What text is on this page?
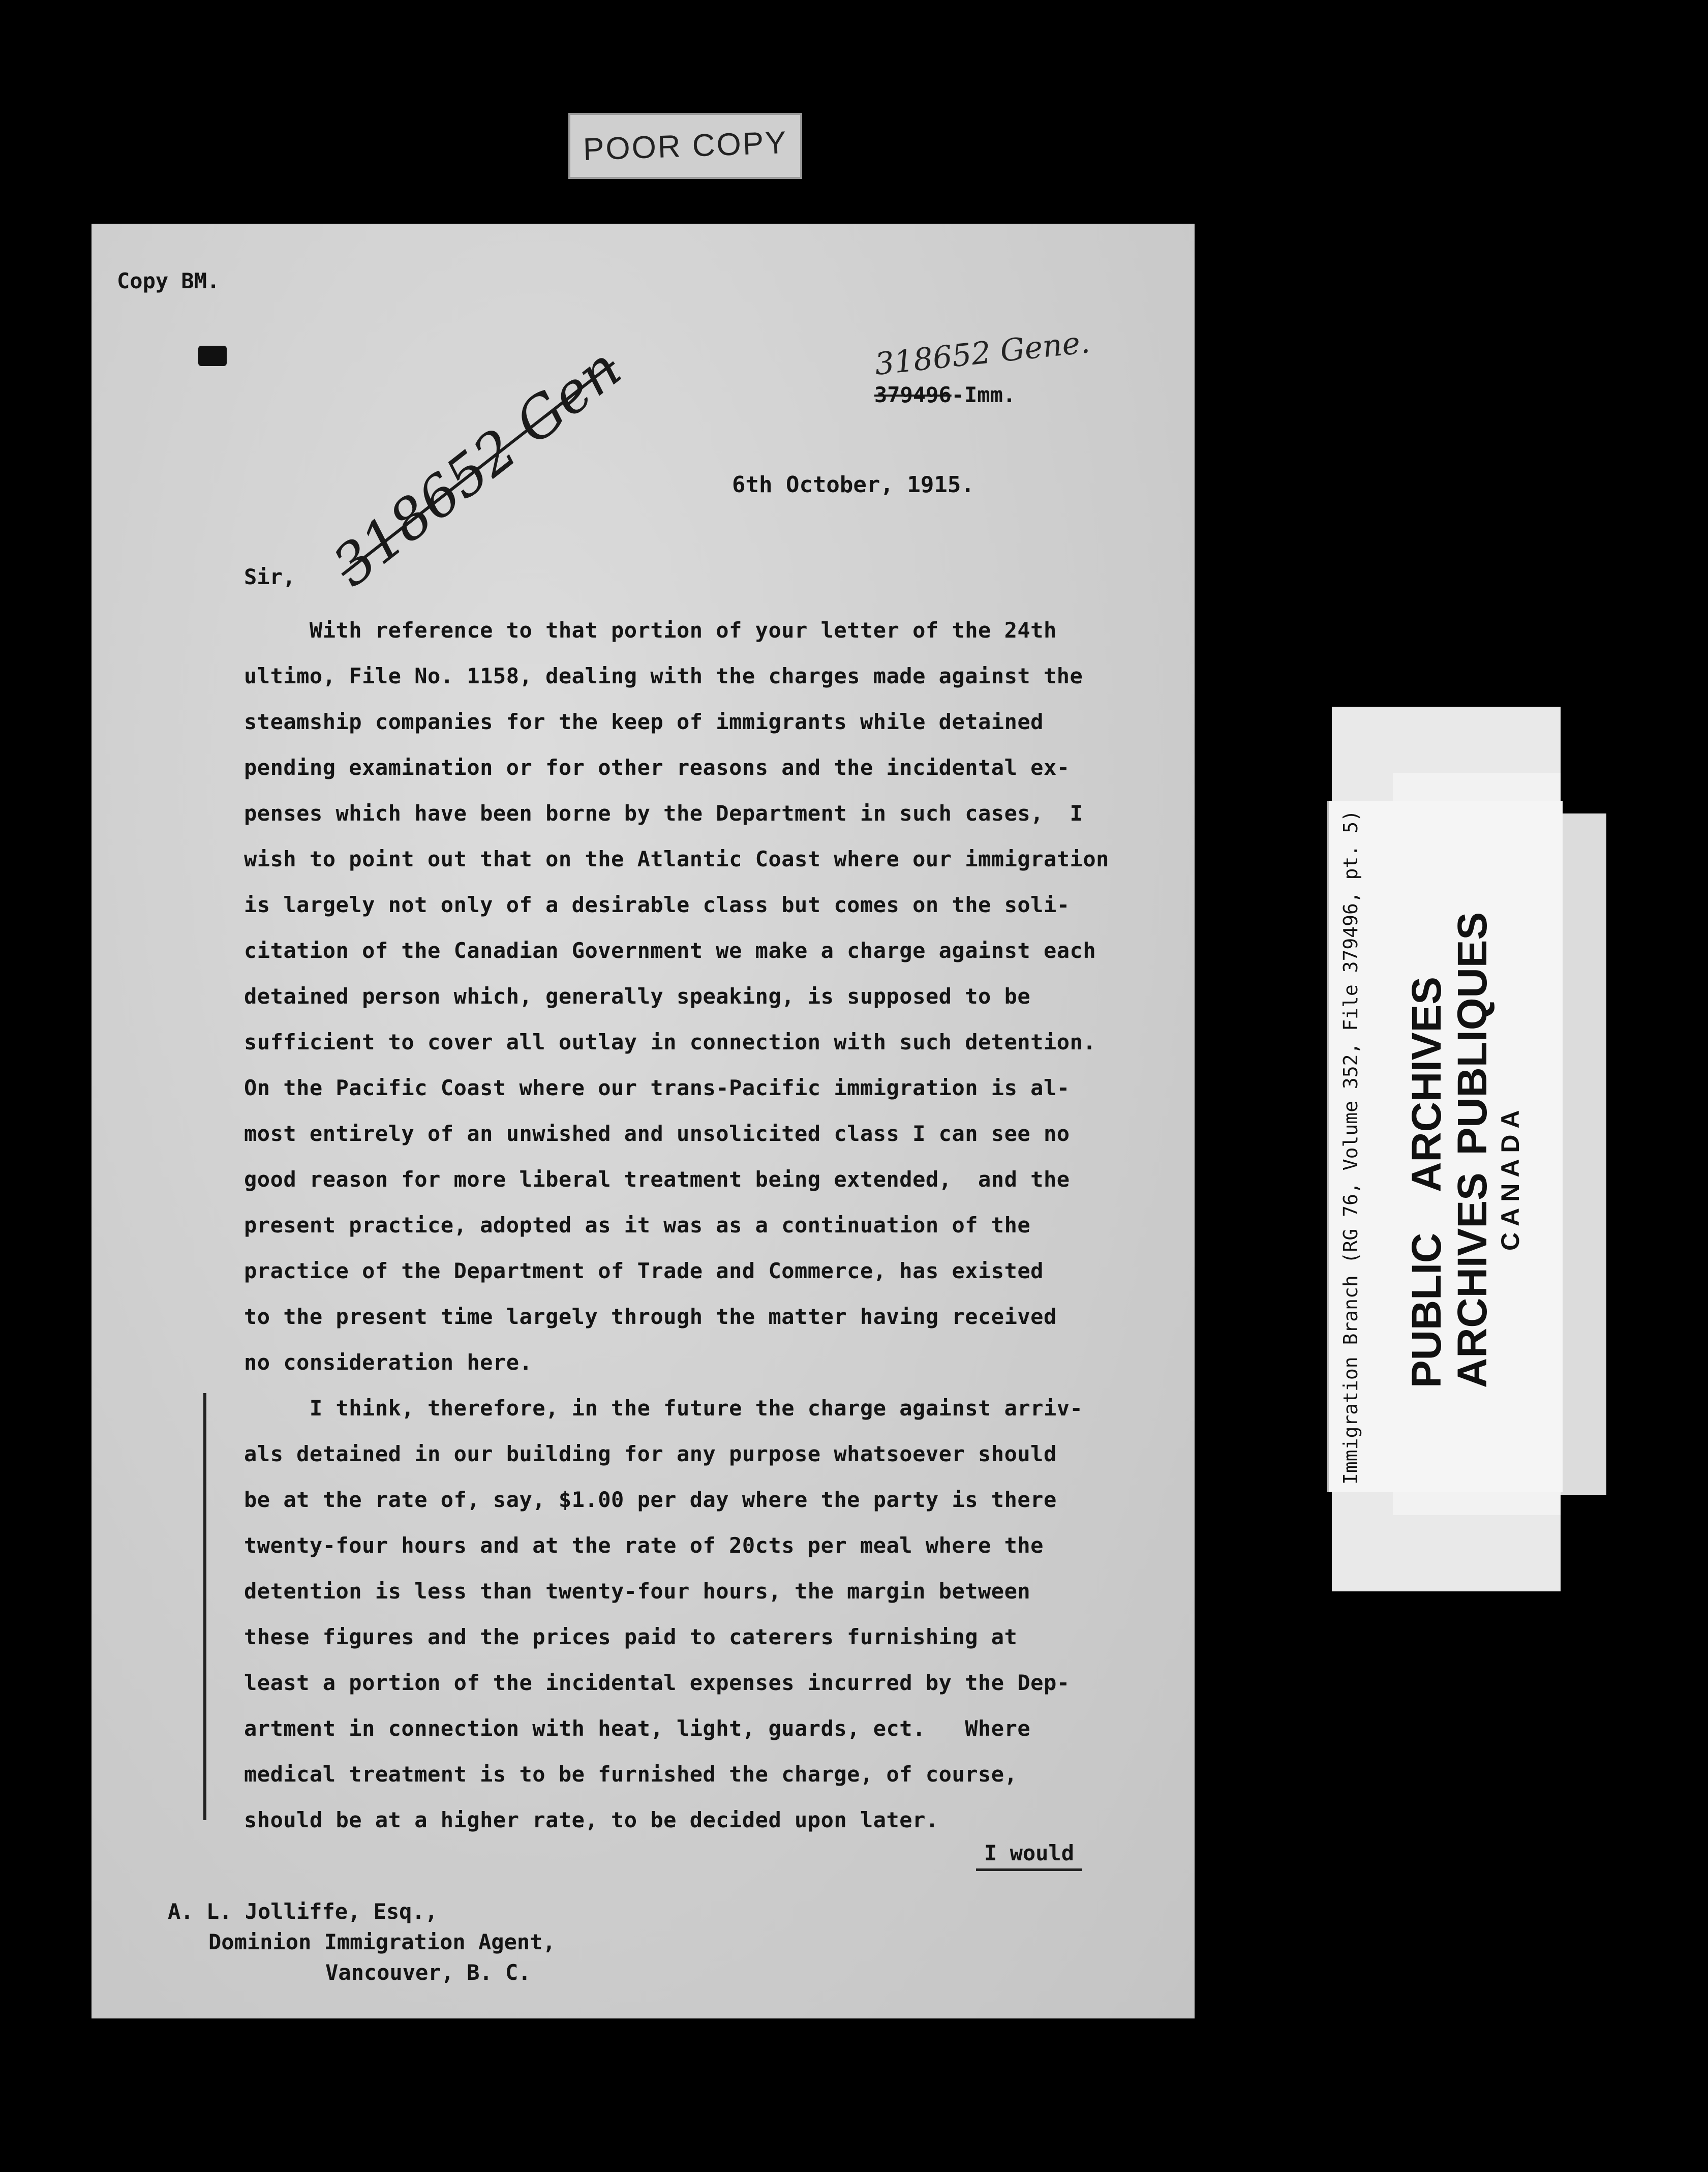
POOR COPY
Copy BM.
318652 Gene.
379496-Imm.
318652 Gen	6th October, 1915.
Sir,
With reference to that portion of your letter of the 24th
ultimo, File No. 1158, dealing with the charges made against the
steamship companies for the keep of immigrants while detained
pending examination or for other reasons and the incidental ex-
penses which have been borne by the Department in such cases,  I
wish to point out that on the Atlantic Coast where our immigration
is largely not only of a desirable class but comes on the soli-
citation of the Canadian Government we make a charge against each
detained person which, generally speaking, is supposed to be
sufficient to cover all outlay in connection with such detention.
On the Pacific Coast where our trans-Pacific immigration is al-
most entirely of an unwished and unsolicited class I can see no
good reason for more liberal treatment being extended,  and the
present practice, adopted as it was as a continuation of the
practice of the Department of Trade and Commerce, has existed
to the present time largely through the matter having received
no consideration here.
I think, therefore, in the future the charge against arriv-
als detained in our building for any purpose whatsoever should
be at the rate of, say, $1.00 per day where the party is there
twenty-four hours and at the rate of 20cts per meal where the
detention is less than twenty-four hours, the margin between
these figures and the prices paid to caterers furnishing at
least a portion of the incidental expenses incurred by the Dep-
artment in connection with heat, light, guards, ect.   Where
medical treatment is to be furnished the charge, of course,
should be at a higher rate, to be decided upon later.
I would
A. L. Jolliffe, Esq.,
Dominion Immigration Agent,
Vancouver, B. C.
Immigration Branch (RG 76, Volume 352, File 379496, pt. 5) PUBLICARCHIVES
ARCHIVESPUBLIQUES
CANADA
